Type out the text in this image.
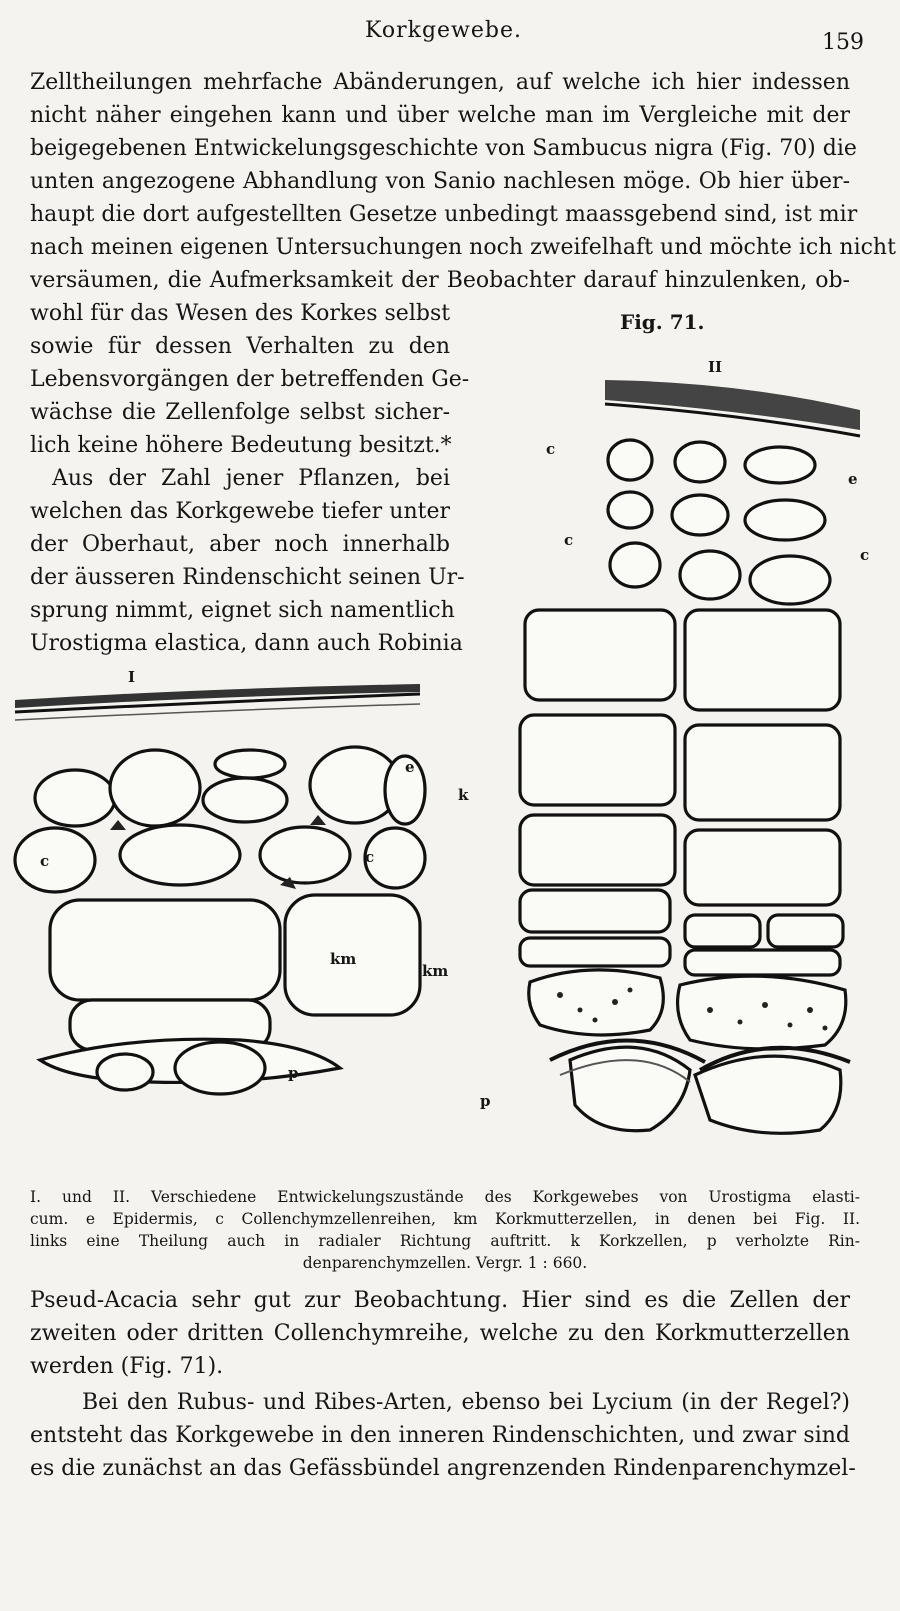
Korkgewebe.	159
Zelltheilungen mehrfache Abänderungen, auf welche ich hier indessen
nicht näher eingehen kann und über welche man im Vergleiche mit der
beigegebenen Entwickelungsgeschichte von Sambucus nigra (Fig. 70) die
unten angezogene Abhandlung von Sanio nachlesen möge. Ob hier über-
haupt die dort aufgestellten Gesetze unbedingt maassgebend sind, ist mir
nach meinen eigenen Untersuchungen noch zweifelhaft und möchte ich nicht
versäumen, die Aufmerksamkeit der Beobachter darauf hinzulenken, ob-
wohl für das Wesen des Korkes selbst
sowie für dessen Verhalten zu den
Lebensvorgängen der betreffenden Ge-
wächse die Zellenfolge selbst sicher-
lich keine höhere Bedeutung besitzt.*
Aus der Zahl jener Pflanzen, bei
welchen das Korkgewebe tiefer unter
der Oberhaut, aber noch innerhalb
der äusseren Rindenschicht seinen Ur-
sprung nimmt, eignet sich namentlich
Urostigma elastica, dann auch Robinia
Fig. 71.
I
e
c	c
km
p
II
c
c
e
c
k
km
p
I. und II. Verschiedene Entwickelungszustände des Korkgewebes von Urostigma elasti-
cum. e Epidermis, c Collenchymzellenreihen, km Korkmutterzellen, in denen bei Fig. II.
links eine Theilung auch in radialer Richtung auftritt. k Korkzellen, p verholzte Rin-
denparenchymzellen. Vergr. 1 : 660.
Pseud-Acacia sehr gut zur Beobachtung. Hier sind es die Zellen der
zweiten oder dritten Collenchymreihe, welche zu den Korkmutterzellen
werden (Fig. 71).
Bei den Rubus- und Ribes-Arten, ebenso bei Lycium (in der Regel?)
entsteht das Korkgewebe in den inneren Rindenschichten, und zwar sind
es die zunächst an das Gefässbündel angrenzenden Rindenparenchymzel-
